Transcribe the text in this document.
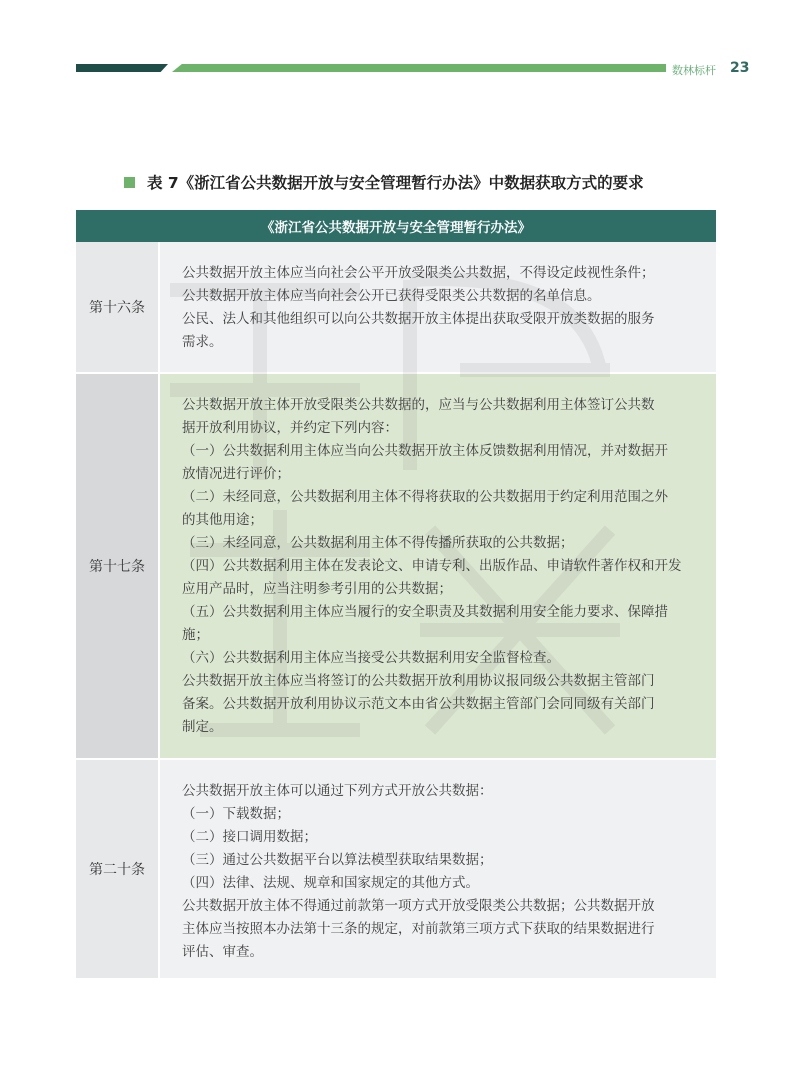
数林标杆 23
表 7《浙江省公共数据开放与安全管理暂行办法》中数据获取方式的要求
《浙江省公共数据开放与安全管理暂行办法》
第十六条
公共数据开放主体应当向社会公平开放受限类公共数据，不得设定歧视性条件；
公共数据开放主体应当向社会公开已获得受限类公共数据的名单信息。
公民、法人和其他组织可以向公共数据开放主体提出获取受限开放类数据的服务
需求。
第十七条
公共数据开放主体开放受限类公共数据的，应当与公共数据利用主体签订公共数
据开放利用协议，并约定下列内容：
（一）公共数据利用主体应当向公共数据开放主体反馈数据利用情况，并对数据开
放情况进行评价；
（二）未经同意，公共数据利用主体不得将获取的公共数据用于约定利用范围之外
的其他用途；
（三）未经同意，公共数据利用主体不得传播所获取的公共数据；
（四）公共数据利用主体在发表论文、申请专利、出版作品、申请软件著作权和开发
应用产品时，应当注明参考引用的公共数据；
（五）公共数据利用主体应当履行的安全职责及其数据利用安全能力要求、保障措
施；
（六）公共数据利用主体应当接受公共数据利用安全监督检查。
公共数据开放主体应当将签订的公共数据开放利用协议报同级公共数据主管部门
备案。公共数据开放利用协议示范文本由省公共数据主管部门会同同级有关部门
制定。
第二十条
公共数据开放主体可以通过下列方式开放公共数据：
（一）下载数据；
（二）接口调用数据；
（三）通过公共数据平台以算法模型获取结果数据；
（四）法律、法规、规章和国家规定的其他方式。
公共数据开放主体不得通过前款第一项方式开放受限类公共数据；公共数据开放
主体应当按照本办法第十三条的规定，对前款第三项方式下获取的结果数据进行
评估、审查。
